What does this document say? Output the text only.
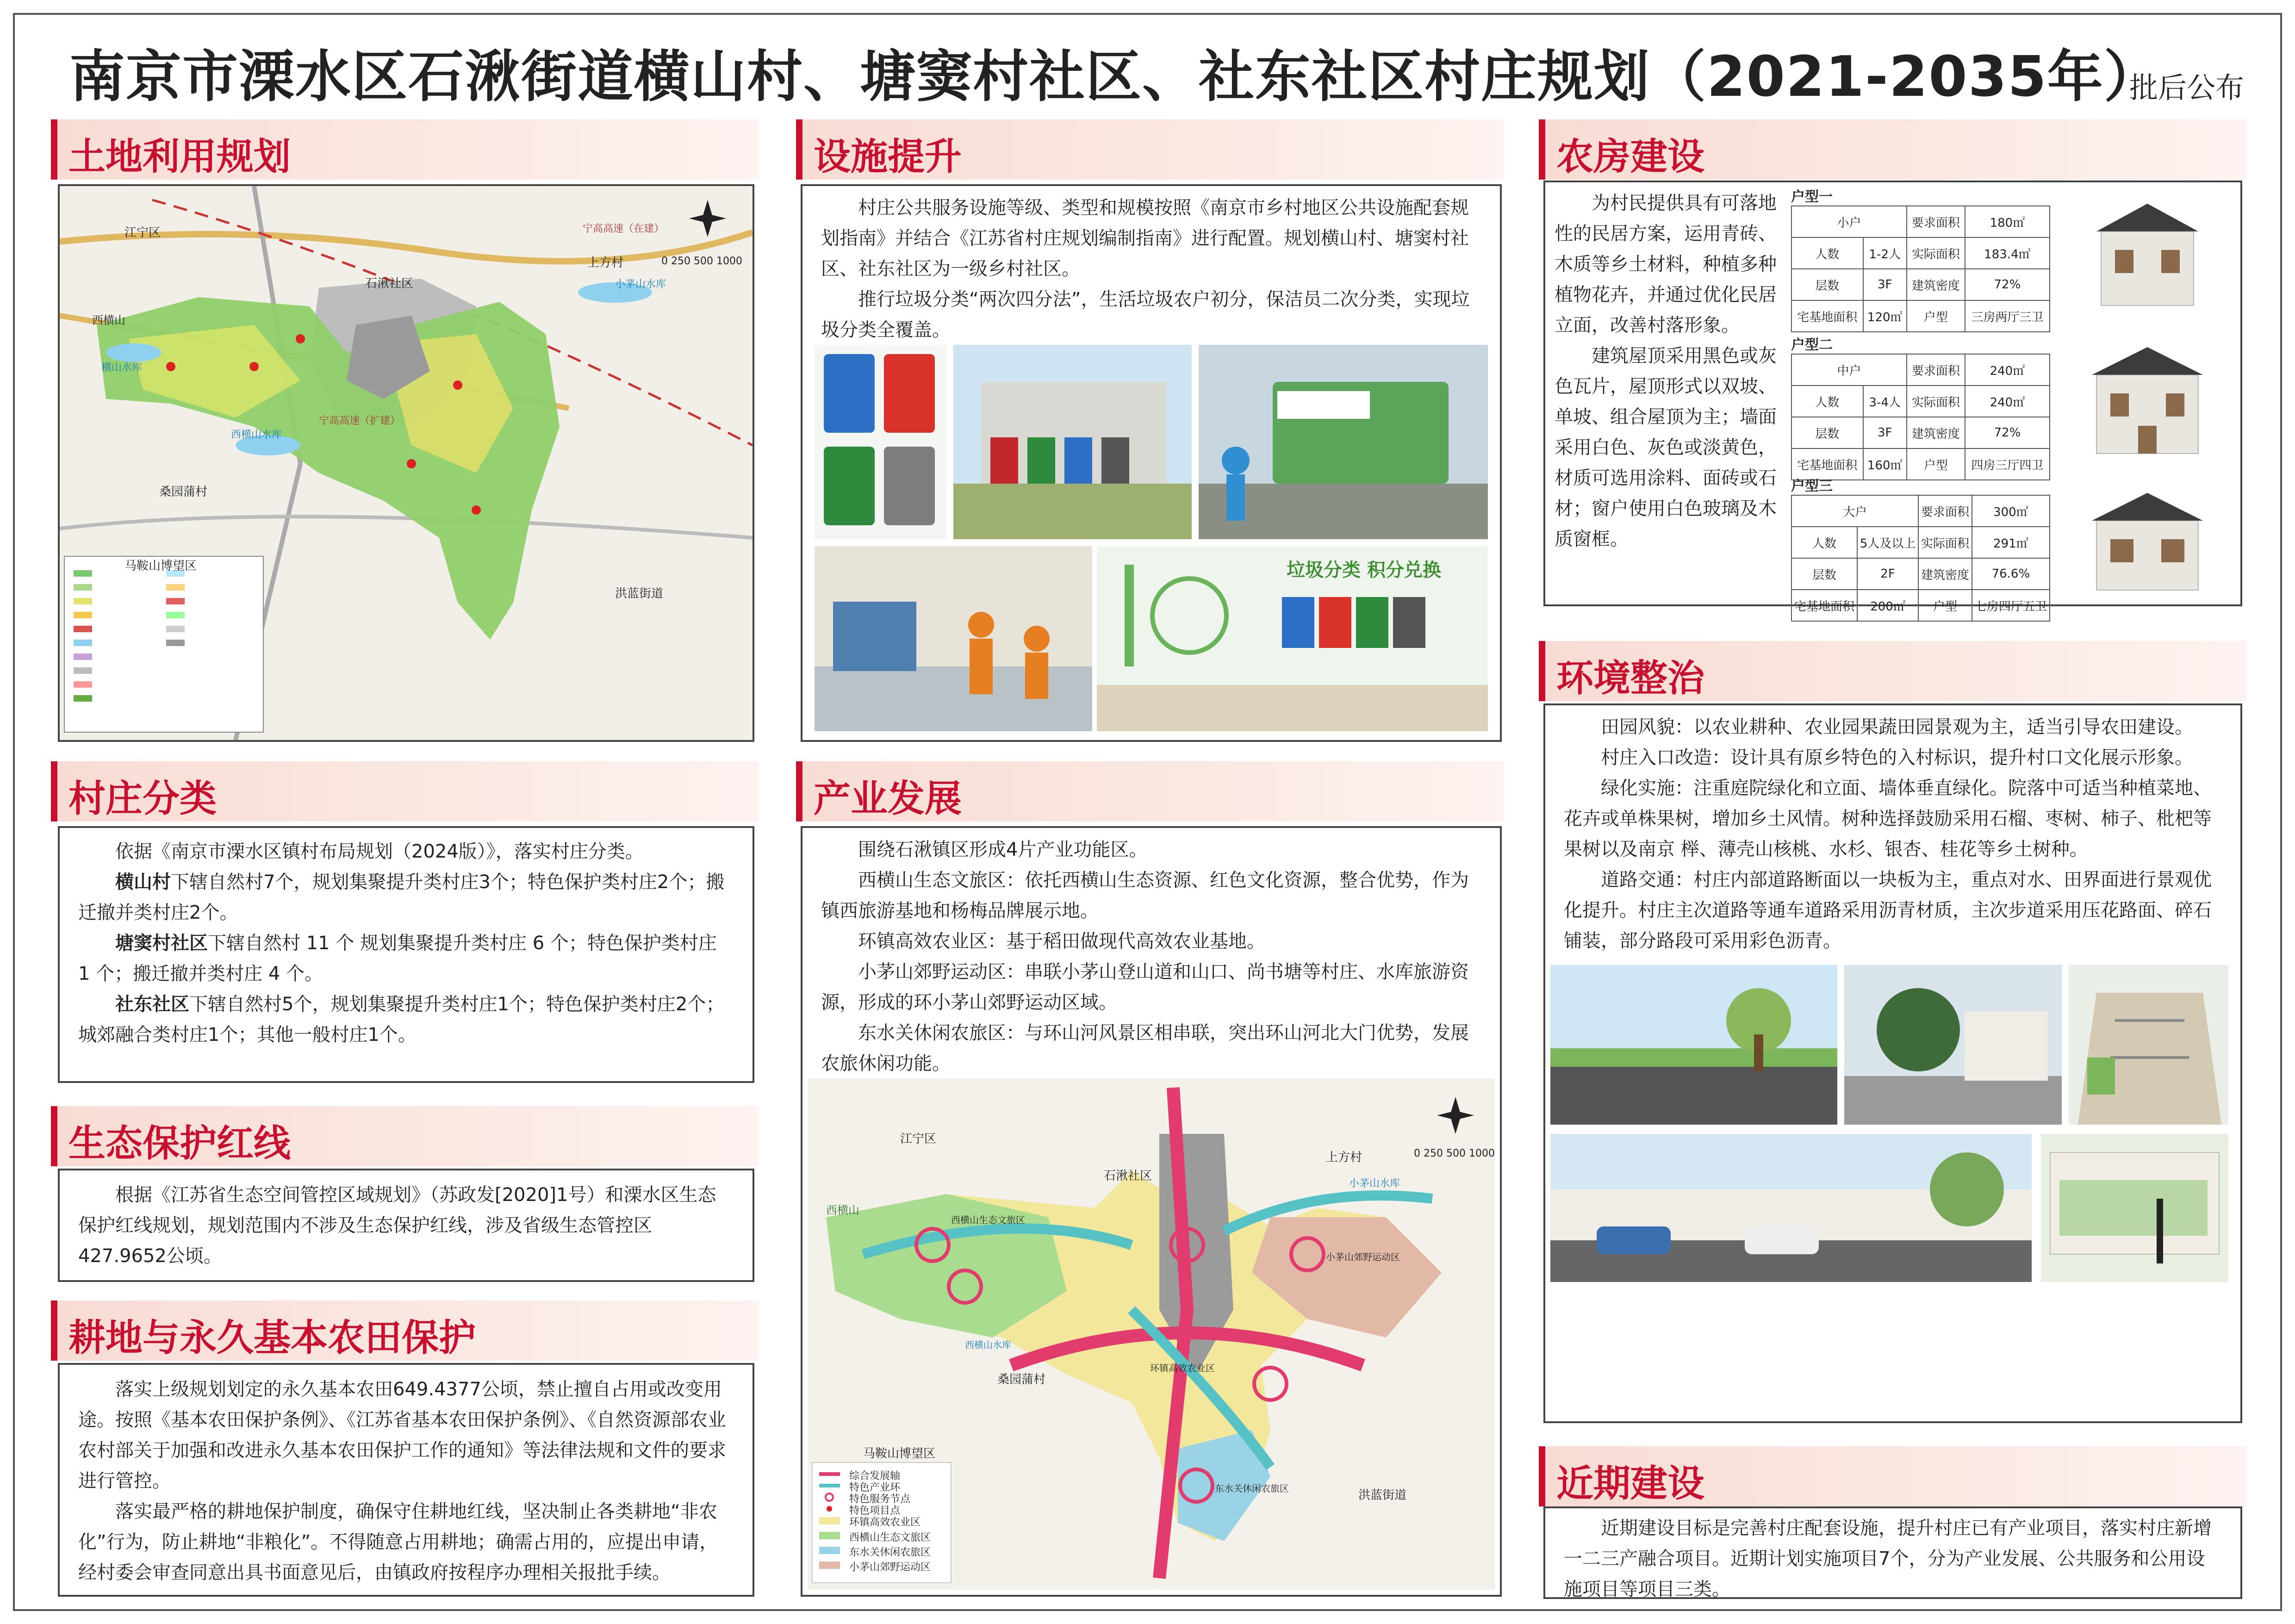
南京市溧水区石湫街道横山村、塘窦村社区、社东社区村庄规划（2021-2035年）
批后公布
土地利用规划
0 250 500 1000
江宁区
石湫社区
上方村
宁高高速（在建）
小茅山水库
西横山
横山水库
西横山水库
宁高高速（扩建）
桑园蒲村
马鞍山博望区
洪蓝街道
村庄分类

依据《南京市溧水区镇村布局规划（2024版）》，落实村庄分类。

横山村下辖自然村7个，规划集聚提升类村庄3个；特色保护类村庄2个；搬迁撤并类村庄2个。

塘窦村社区下辖自然村 11 个 规划集聚提升类村庄 6 个；特色保护类村庄 1 个；搬迁撤并类村庄 4 个。

社东社区下辖自然村5个，规划集聚提升类村庄1个；特色保护类村庄2个；城郊融合类村庄1个；其他一般村庄1个。

生态保护红线

根据《江苏省生态空间管控区域规划》（苏政发[2020]1号）和溧水区生态保护红线规划，规划范围内不涉及生态保护红线，涉及省级生态管控区427.9652公顷。

耕地与永久基本农田保护

落实上级规划划定的永久基本农田649.4377公顷，禁止擅自占用或改变用途。按照《基本农田保护条例》、《江苏省基本农田保护条例》、《自然资源部农业农村部关于加强和改进永久基本农田保护工作的通知》等法律法规和文件的要求进行管控。

落实最严格的耕地保护制度，确保守住耕地红线，坚决制止各类耕地“非农化”行为，防止耕地“非粮化”。不得随意占用耕地；确需占用的，应提出申请，经村委会审查同意出具书面意见后，由镇政府按程序办理相关报批手续。

设施提升

村庄公共服务设施等级、类型和规模按照《南京市乡村地区公共设施配套规划指南》并结合《江苏省村庄规划编制指南》进行配置。规划横山村、塘窦村社区、社东社区为一级乡村社区。

推行垃圾分类“两次四分法”，生活垃圾农户初分，保洁员二次分类，实现垃圾分类全覆盖。

垃圾分类 积分兑换
产业发展

围绕石湫镇区形成4片产业功能区。

西横山生态文旅区：依托西横山生态资源、红色文化资源，整合优势，作为镇西旅游基地和杨梅品牌展示地。

环镇高效农业区：基于稻田做现代高效农业基地。

小茅山郊野运动区：串联小茅山登山道和山口、尚书塘等村庄、水库旅游资源，形成的环小茅山郊野运动区域。

东水关休闲农旅区：与环山河风景区相串联，突出环山河北大门优势，发展农旅休闲功能。

0 250 500 1000
江宁区
石湫社区
上方村
西横山
小茅山水库
西横山生态文旅区
小茅山郊野运动区
西横山水库
桑园蒲村
环镇高效农业区
马鞍山博望区
东水关休闲农旅区	洪蓝街道
综合发展轴
特色产业环
特色服务节点
特色项目点
环镇高效农业区
西横山生态文旅区
东水关休闲农旅区
小茅山郊野运动区
农房建设

为村民提供具有可落地性的民居方案，运用青砖、木质等乡土材料，种植多种植物花卉，并通过优化民居立面，改善村落形象。

建筑屋顶采用黑色或灰色瓦片，屋顶形式以双坡、单坡、组合屋顶为主；墙面采用白色、灰色或淡黄色，材质可选用涂料、面砖或石材；窗户使用白色玻璃及木质窗框。

户型一
小户		要求面积	180㎡
人数	1-2人	实际面积	183.4㎡
层数	3F	建筑密度	72%
宅基地面积	120㎡	户型	三房两厅三卫
户型二
中户		要求面积	240㎡
人数	3-4人	实际面积	240㎡
层数	3F	建筑密度	72%
宅基地面积	160㎡	户型	四房三厅四卫
户型三
大户		要求面积	300㎡
人数	5人及以上	实际面积	291㎡
层数	2F	建筑密度	76.6%
宅基地面积	200㎡	户型	七房四厅五卫
环境整治

田园风貌：以农业耕种、农业园果蔬田园景观为主，适当引导农田建设。

村庄入口改造：设计具有原乡特色的入村标识，提升村口文化展示形象。

绿化实施：注重庭院绿化和立面、墙体垂直绿化。院落中可适当种植菜地、花卉或单株果树，增加乡土风情。树种选择鼓励采用石榴、枣树、柿子、枇杷等果树以及南京 榉、薄壳山核桃、水杉、银杏、桂花等乡土树种。

道路交通：村庄内部道路断面以一块板为主，重点对水、田界面进行景观优化提升。村庄主次道路等通车道路采用沥青材质，主次步道采用压花路面、碎石铺装，部分路段可采用彩色沥青。

近期建设

近期建设目标是完善村庄配套设施，提升村庄已有产业项目，落实村庄新增一二三产融合项目。近期计划实施项目7个，分为产业发展、公共服务和公用设施项目等项目三类。
